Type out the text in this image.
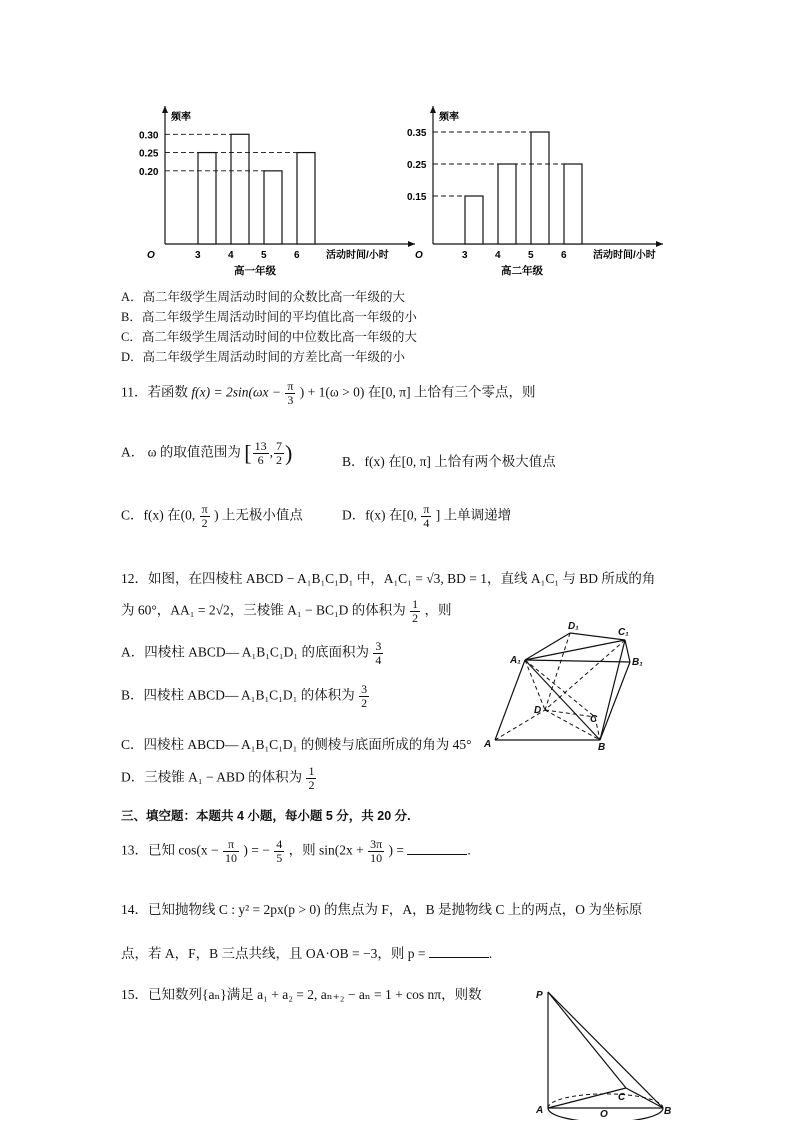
频率
O	3	4	5	6	活动时间/小时
0.30
0.25
0.20
高一年级
频率
O	3	4	5	6	活动时间/小时
0.35
0.25
0.15
高二年级
A．高二年级学生周活动时间的众数比高一年级的大
B．高二年级学生周活动时间的平均值比高一年级的小
C．高二年级学生周活动时间的中位数比高一年级的大
D．高二年级学生周活动时间的方差比高一年级的小
11．若函数 $f(x) = 2\sin(\omega x - \frac{\pi}{3}$ ) + 1(ω > 0) 在[0, π] 上恰有三个零点，则
A． ω 的取值范围为 [ $\frac{13}{6}$ , $\frac{7}{2}$ )	B．f(x) 在[0, π] 上恰有两个极大值点
C．f(x) 在(0, $\frac{\pi}{2}$ ) 上无极小值点	D．f(x) 在[0, $\frac{\pi}{4}$ ] 上单调递增
12．如图，在四棱柱 ABCD − A₁B₁C₁D₁ 中，A₁C₁ = √3, BD = 1，直线 A₁C₁ 与 BD 所成的角
为 60°，AA₁ = 2√2，三棱锥 A₁ − BC₁D 的体积为 $\frac{1}{2}$ ，则
A．四棱柱 ABCD— A₁B₁C₁D₁ 的底面积为 $\frac{3}{4}$
B．四棱柱 ABCD— A₁B₁C₁D₁ 的体积为 $\frac{3}{2}$
C．四棱柱 ABCD— A₁B₁C₁D₁ 的侧棱与底面所成的角为 45°
D．三棱锥 A₁ − ABD 的体积为 $\frac{1}{2}$
D₁
C₁
A₁	B₁
D
C
A	B
三、填空题：本题共 4 小题，每小题 5 分，共 20 分.
13．已知 $\cos(x - \frac{\pi}{10}$ ) = − $\frac{4}{5}$ ，则 $\sin(2x + \frac{3\pi}{10}$ ) =	.
14．已知抛物线 C : y² = 2px(p > 0) 的焦点为 F，A，B 是抛物线 C 上的两点，O 为坐标原
点，若 A，F，B 三点共线，且 OA·OB = −3，则 p =	.
15．已知数列{aₙ}满足 a₁ + a₂ = 2, aₙ₊₂ − aₙ = 1 + cos nπ，则数	P
C
A	O	B
